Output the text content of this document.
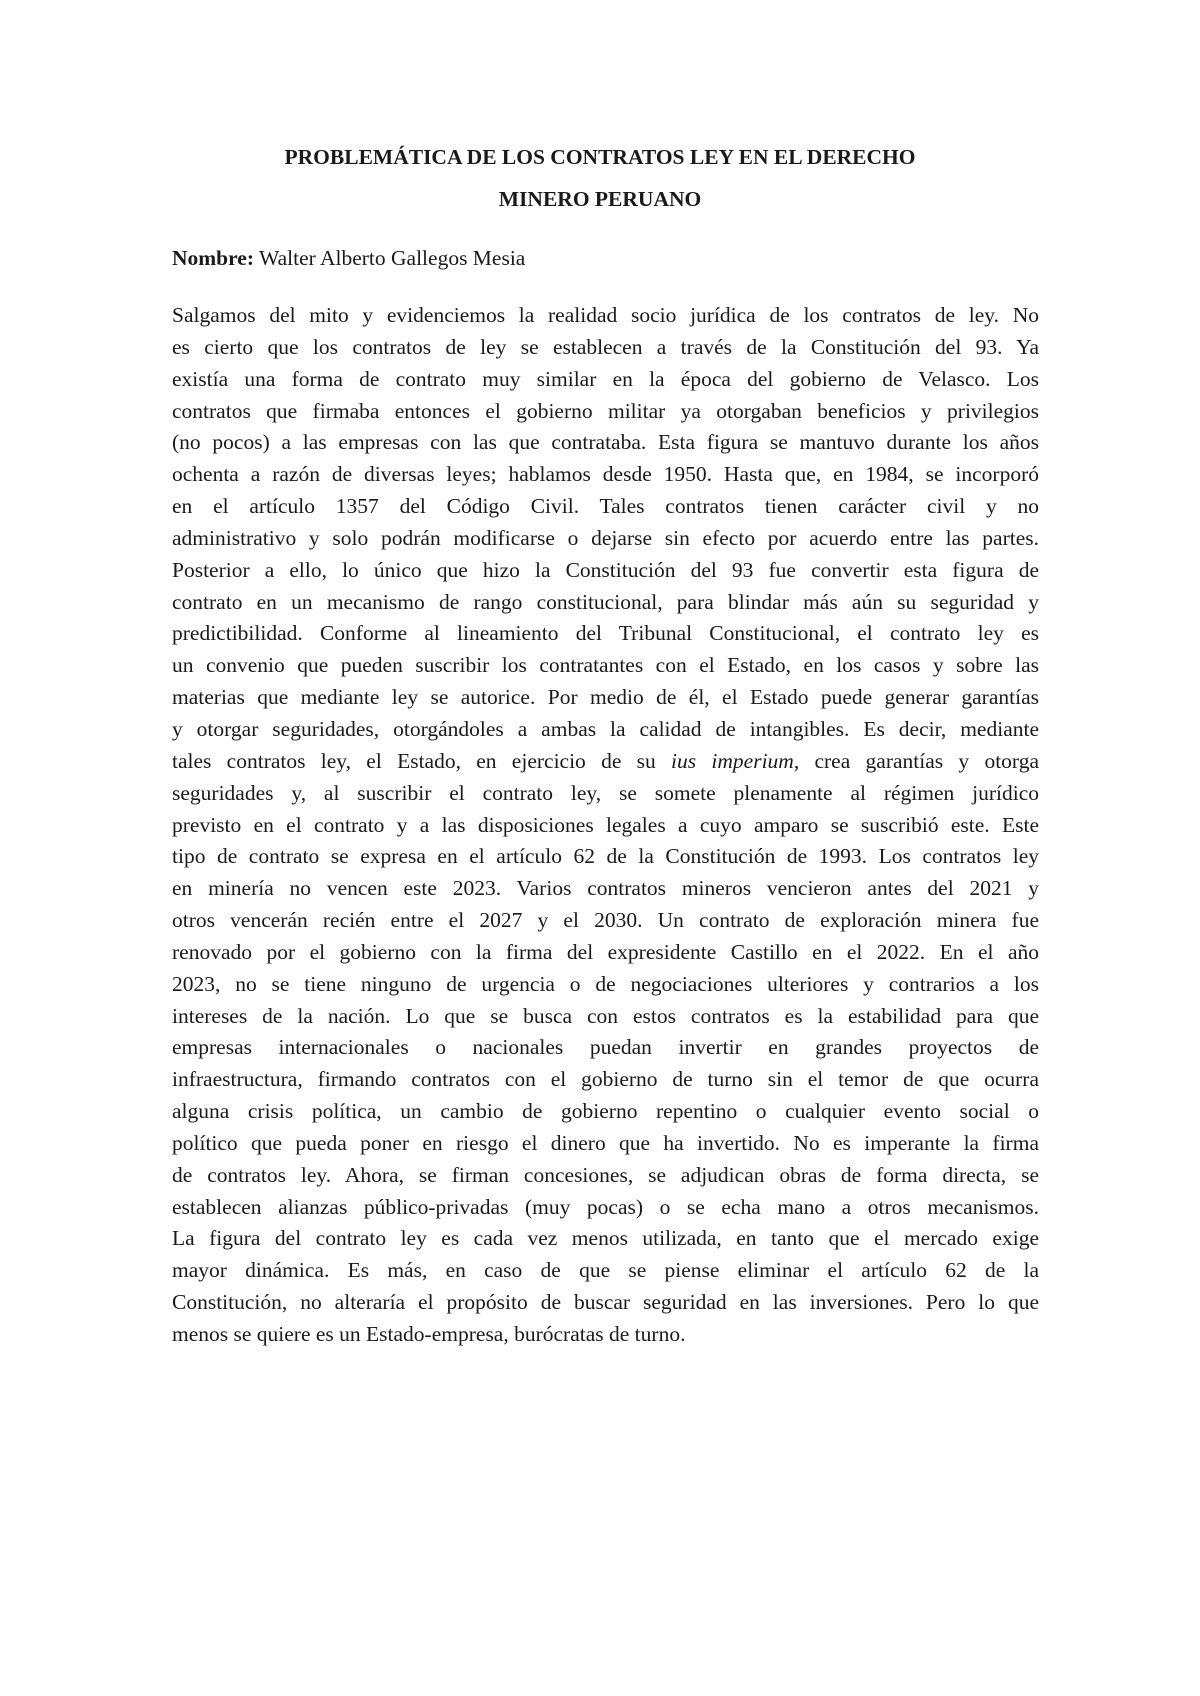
PROBLEMÁTICA DE LOS CONTRATOS LEY EN EL DERECHO
MINERO PERUANO

Nombre: Walter Alberto Gallegos Mesia

Salgamos del mito y evidenciemos la realidad socio jurídica de los contratos de ley. No
es cierto que los contratos de ley se establecen a través de la Constitución del 93. Ya
existía una forma de contrato muy similar en la época del gobierno de Velasco. Los
contratos que firmaba entonces el gobierno militar ya otorgaban beneficios y privilegios
(no pocos) a las empresas con las que contrataba. Esta figura se mantuvo durante los años
ochenta a razón de diversas leyes; hablamos desde 1950. Hasta que, en 1984, se incorporó
en el artículo 1357 del Código Civil. Tales contratos tienen carácter civil y no
administrativo y solo podrán modificarse o dejarse sin efecto por acuerdo entre las partes.
Posterior a ello, lo único que hizo la Constitución del 93 fue convertir esta figura de
contrato en un mecanismo de rango constitucional, para blindar más aún su seguridad y
predictibilidad. Conforme al lineamiento del Tribunal Constitucional, el contrato ley es
un convenio que pueden suscribir los contratantes con el Estado, en los casos y sobre las
materias que mediante ley se autorice. Por medio de él, el Estado puede generar garantías
y otorgar seguridades, otorgándoles a ambas la calidad de intangibles. Es decir, mediante
tales contratos ley, el Estado, en ejercicio de su ius imperium, crea garantías y otorga
seguridades y, al suscribir el contrato ley, se somete plenamente al régimen jurídico
previsto en el contrato y a las disposiciones legales a cuyo amparo se suscribió este. Este
tipo de contrato se expresa en el artículo 62 de la Constitución de 1993. Los contratos ley
en minería no vencen este 2023. Varios contratos mineros vencieron antes del 2021 y
otros vencerán recién entre el 2027 y el 2030. Un contrato de exploración minera fue
renovado por el gobierno con la firma del expresidente Castillo en el 2022. En el año
2023, no se tiene ninguno de urgencia o de negociaciones ulteriores y contrarios a los
intereses de la nación. Lo que se busca con estos contratos es la estabilidad para que
empresas internacionales o nacionales puedan invertir en grandes proyectos de
infraestructura, firmando contratos con el gobierno de turno sin el temor de que ocurra
alguna crisis política, un cambio de gobierno repentino o cualquier evento social o
político que pueda poner en riesgo el dinero que ha invertido. No es imperante la firma
de contratos ley. Ahora, se firman concesiones, se adjudican obras de forma directa, se
establecen alianzas público-privadas (muy pocas) o se echa mano a otros mecanismos.
La figura del contrato ley es cada vez menos utilizada, en tanto que el mercado exige
mayor dinámica. Es más, en caso de que se piense eliminar el artículo 62 de la
Constitución, no alteraría el propósito de buscar seguridad en las inversiones. Pero lo que
menos se quiere es un Estado-empresa, burócratas de turno.
